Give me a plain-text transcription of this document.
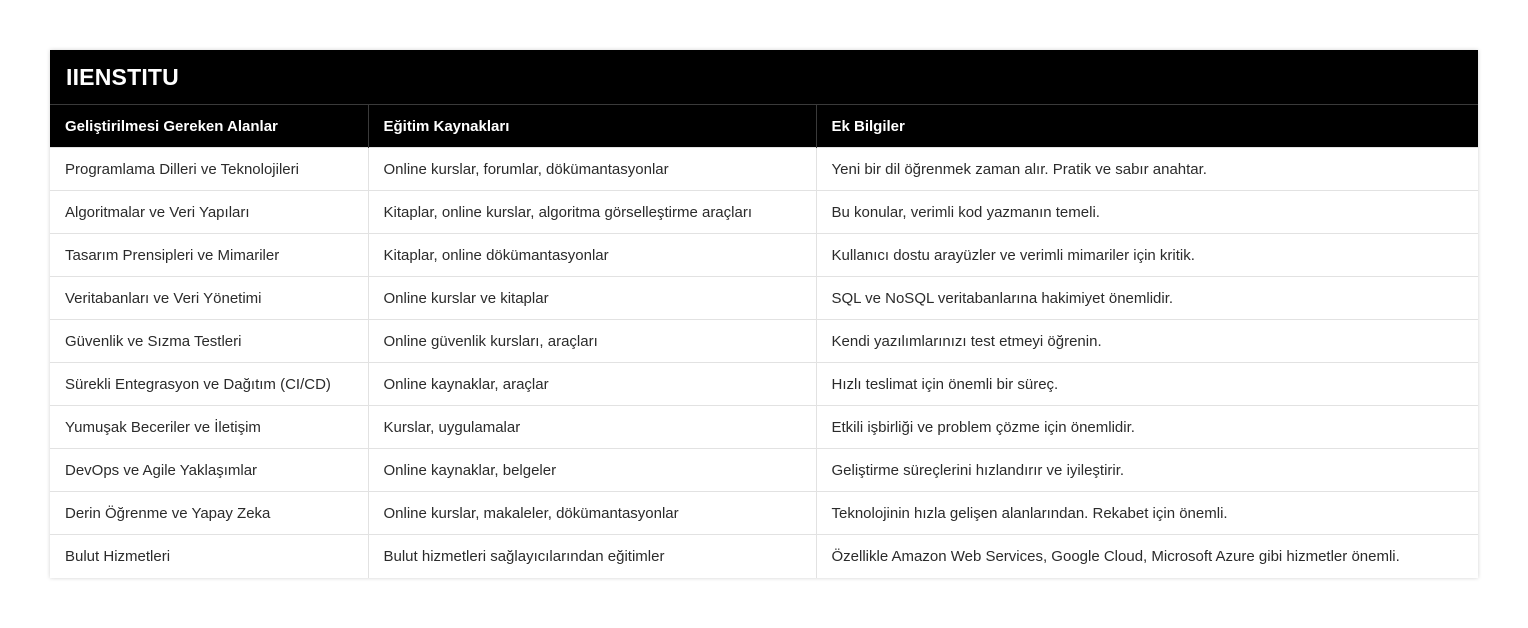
IIENSTITU
Geliştirilmesi Gereken Alanlar	Eğitim Kaynakları	Ek Bilgiler
Programlama Dilleri ve Teknolojileri	Online kurslar, forumlar, dökümantasyonlar	Yeni bir dil öğrenmek zaman alır. Pratik ve sabır anahtar.
Algoritmalar ve Veri Yapıları	Kitaplar, online kurslar, algoritma görselleştirme araçları	Bu konular, verimli kod yazmanın temeli.
Tasarım Prensipleri ve Mimariler	Kitaplar, online dökümantasyonlar	Kullanıcı dostu arayüzler ve verimli mimariler için kritik.
Veritabanları ve Veri Yönetimi	Online kurslar ve kitaplar	SQL ve NoSQL veritabanlarına hakimiyet önemlidir.
Güvenlik ve Sızma Testleri	Online güvenlik kursları, araçları	Kendi yazılımlarınızı test etmeyi öğrenin.
Sürekli Entegrasyon ve Dağıtım (CI/CD)	Online kaynaklar, araçlar	Hızlı teslimat için önemli bir süreç.
Yumuşak Beceriler ve İletişim	Kurslar, uygulamalar	Etkili işbirliği ve problem çözme için önemlidir.
DevOps ve Agile Yaklaşımlar	Online kaynaklar, belgeler	Geliştirme süreçlerini hızlandırır ve iyileştirir.
Derin Öğrenme ve Yapay Zeka	Online kurslar, makaleler, dökümantasyonlar	Teknolojinin hızla gelişen alanlarından. Rekabet için önemli.
Bulut Hizmetleri	Bulut hizmetleri sağlayıcılarından eğitimler	Özellikle Amazon Web Services, Google Cloud, Microsoft Azure gibi hizmetler önemli.
